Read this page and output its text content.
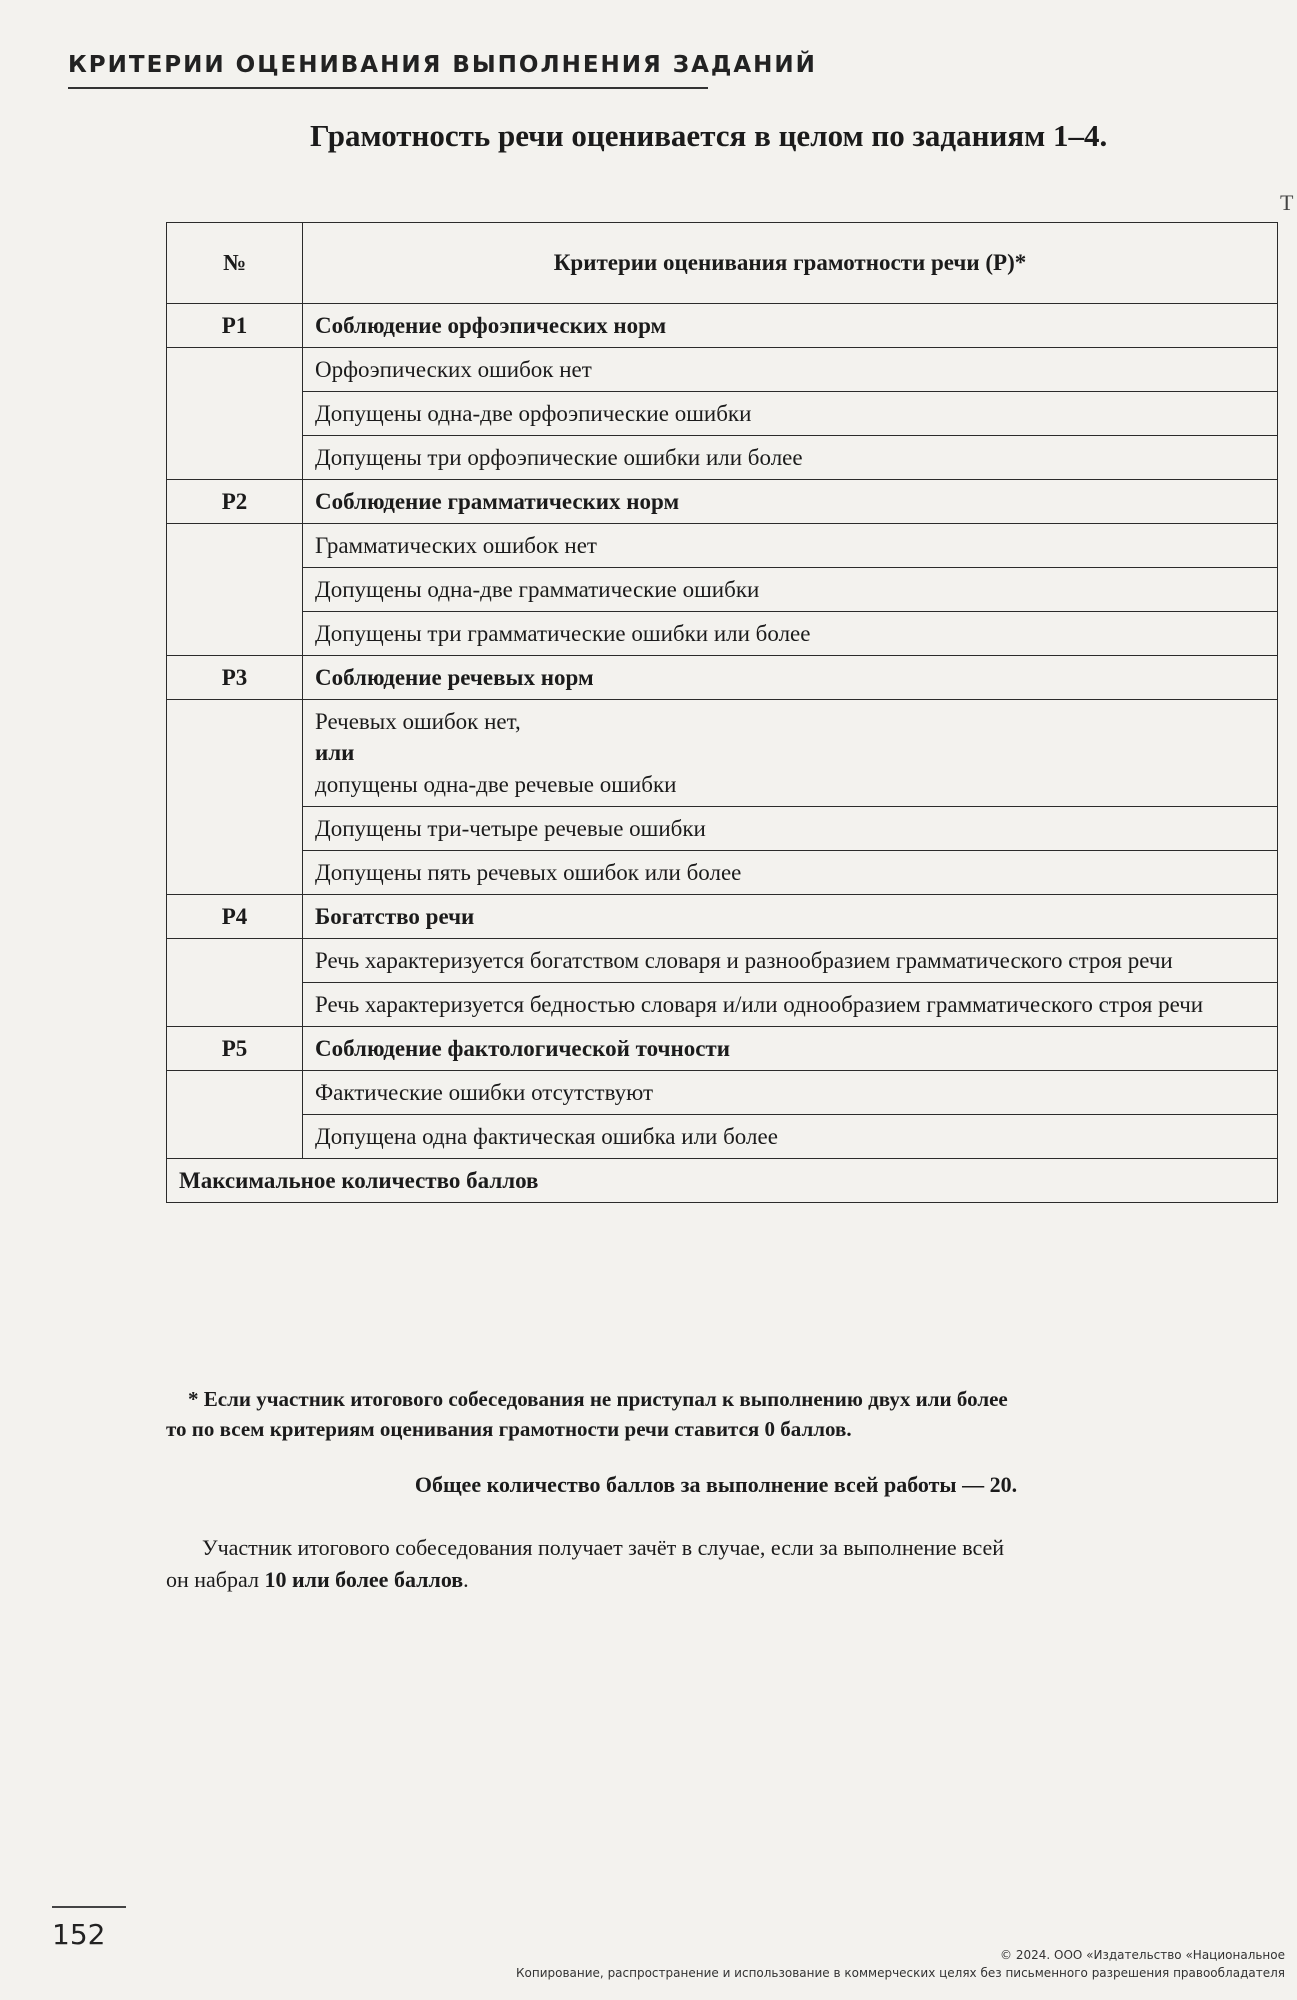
КРИТЕРИИ ОЦЕНИВАНИЯ ВЫПОЛНЕНИЯ ЗАДАНИЙ
Грамотность речи оценивается в целом по заданиям 1–4.
Т
№	Критерии оценивания грамотности речи (Р)*
Р1	Соблюдение орфоэпических норм
	Орфоэпических ошибок нет
	Допущены одна-две орфоэпические ошибки
	Допущены три орфоэпические ошибки или более
Р2	Соблюдение грамматических норм
	Грамматических ошибок нет
	Допущены одна-две грамматические ошибки
	Допущены три грамматические ошибки или более
Р3	Соблюдение речевых норм

	Речевых ошибок нет,
или
допущены одна-две речевые ошибки

	Допущены три-четыре речевые ошибки
	Допущены пять речевых ошибок или более
Р4	Богатство речи
	Речь характеризуется богатством словаря и разнообразием грамматического строя речи
	Речь характеризуется бедностью словаря и/или однообразием грамматического строя речи
Р5	Соблюдение фактологической точности
	Фактические ошибки отсутствуют
	Допущена одна фактическая ошибка или более
Максимальное количество баллов	

* Если участник итогового собеседования не приступал к выполнению двух или более

то по всем критериям оценивания грамотности речи ставится 0 баллов.

Общее количество баллов за выполнение всей работы — 20.

Участник итогового собеседования получает зачёт в случае, если за выполнение всей

он набрал 10 или более баллов.

152
© 2024. ООО «Издательство «Национальное
Копирование, распространение и использование в коммерческих целях без письменного разрешения правообладателя
